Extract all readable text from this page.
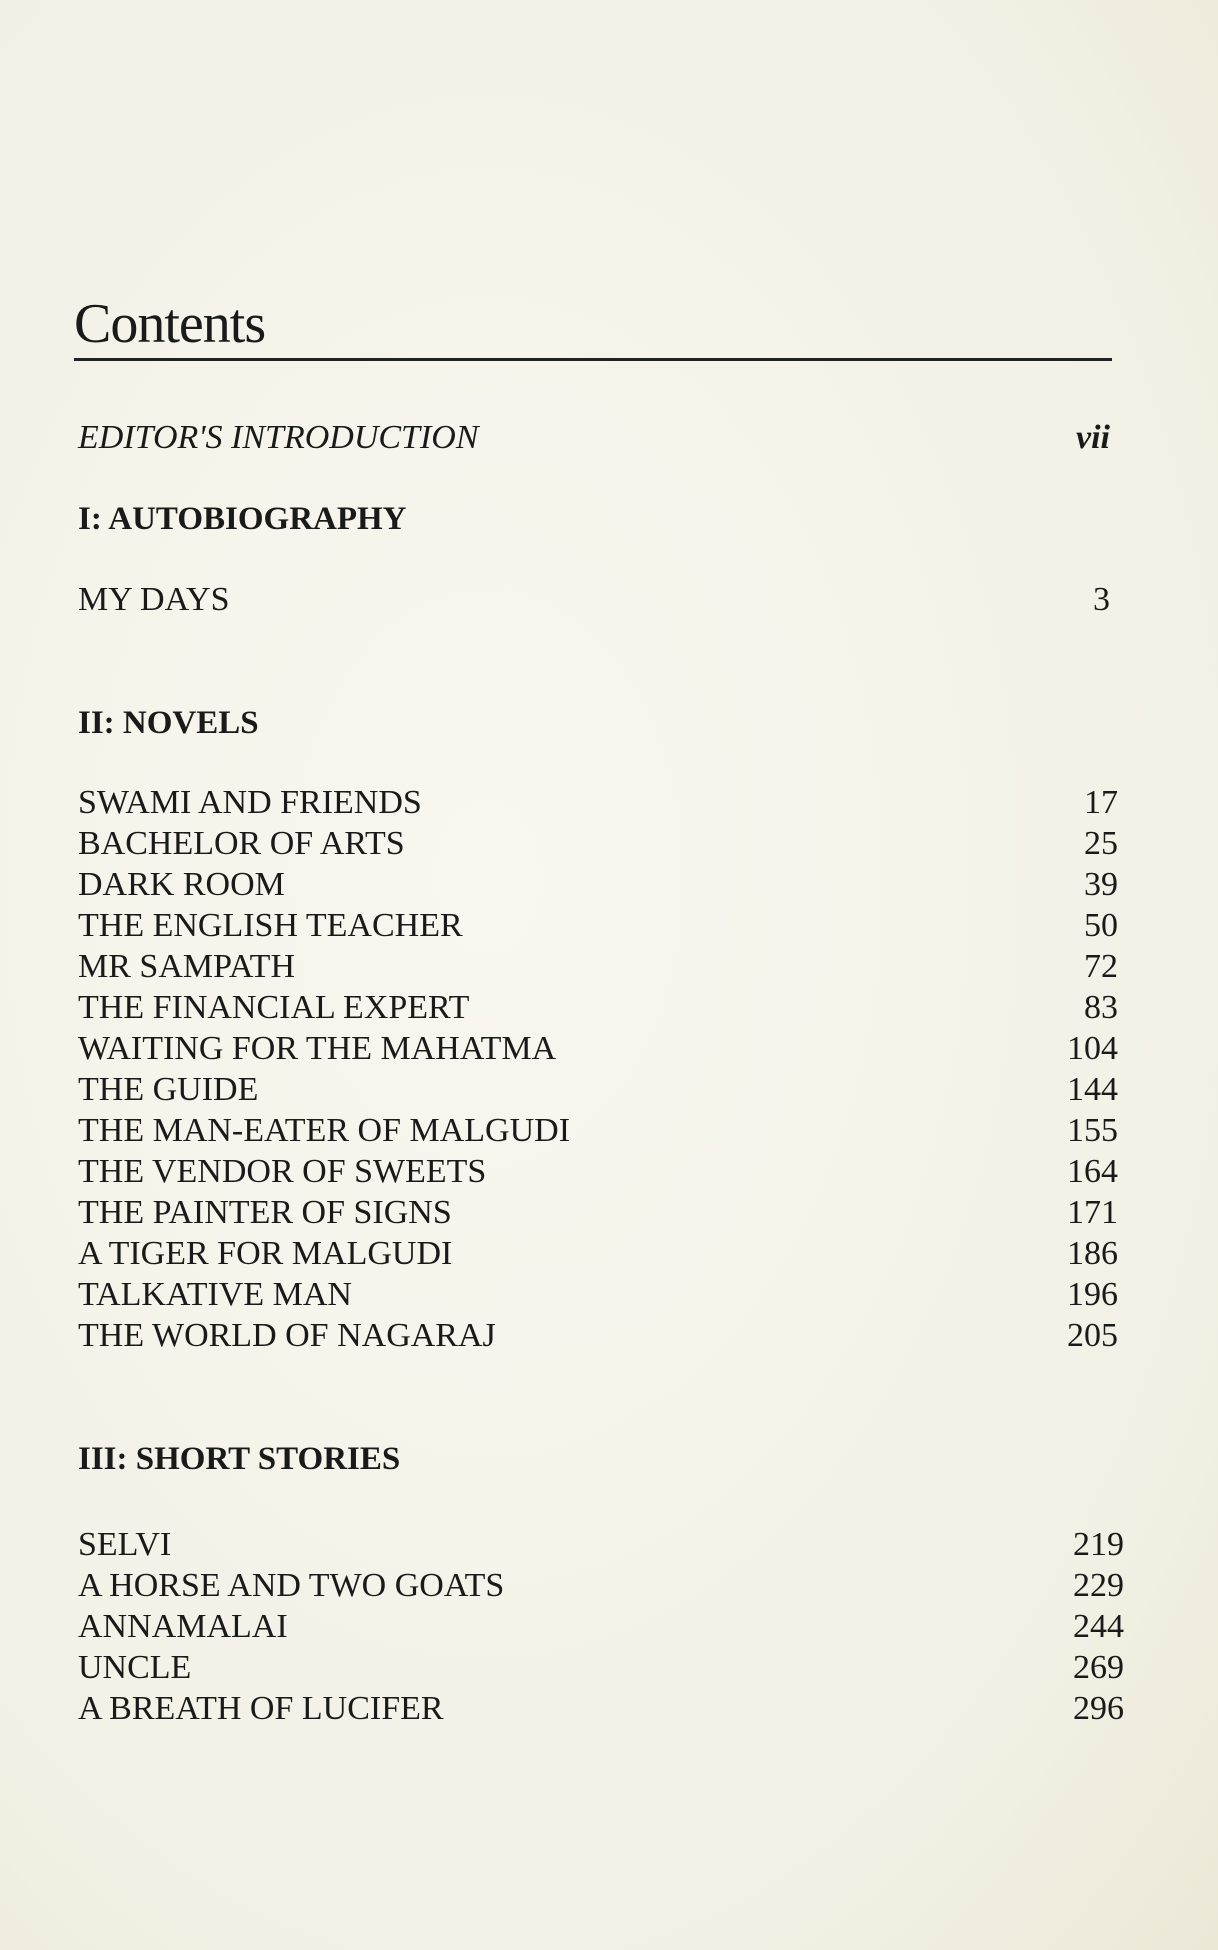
Contents
EDITOR'S INTRODUCTION	vii
I: AUTOBIOGRAPHY
MY DAYS	3
II: NOVELS
SWAMI AND FRIENDS	17
BACHELOR OF ARTS	25
DARK ROOM	39
THE ENGLISH TEACHER	50
MR SAMPATH	72
THE FINANCIAL EXPERT	83
WAITING FOR THE MAHATMA	104
THE GUIDE	144
THE MAN-EATER OF MALGUDI	155
THE VENDOR OF SWEETS	164
THE PAINTER OF SIGNS	171
A TIGER FOR MALGUDI	186
TALKATIVE MAN	196
THE WORLD OF NAGARAJ	205
III: SHORT STORIES
SELVI	219
A HORSE AND TWO GOATS	229
ANNAMALAI	244
UNCLE	269
A BREATH OF LUCIFER	296
